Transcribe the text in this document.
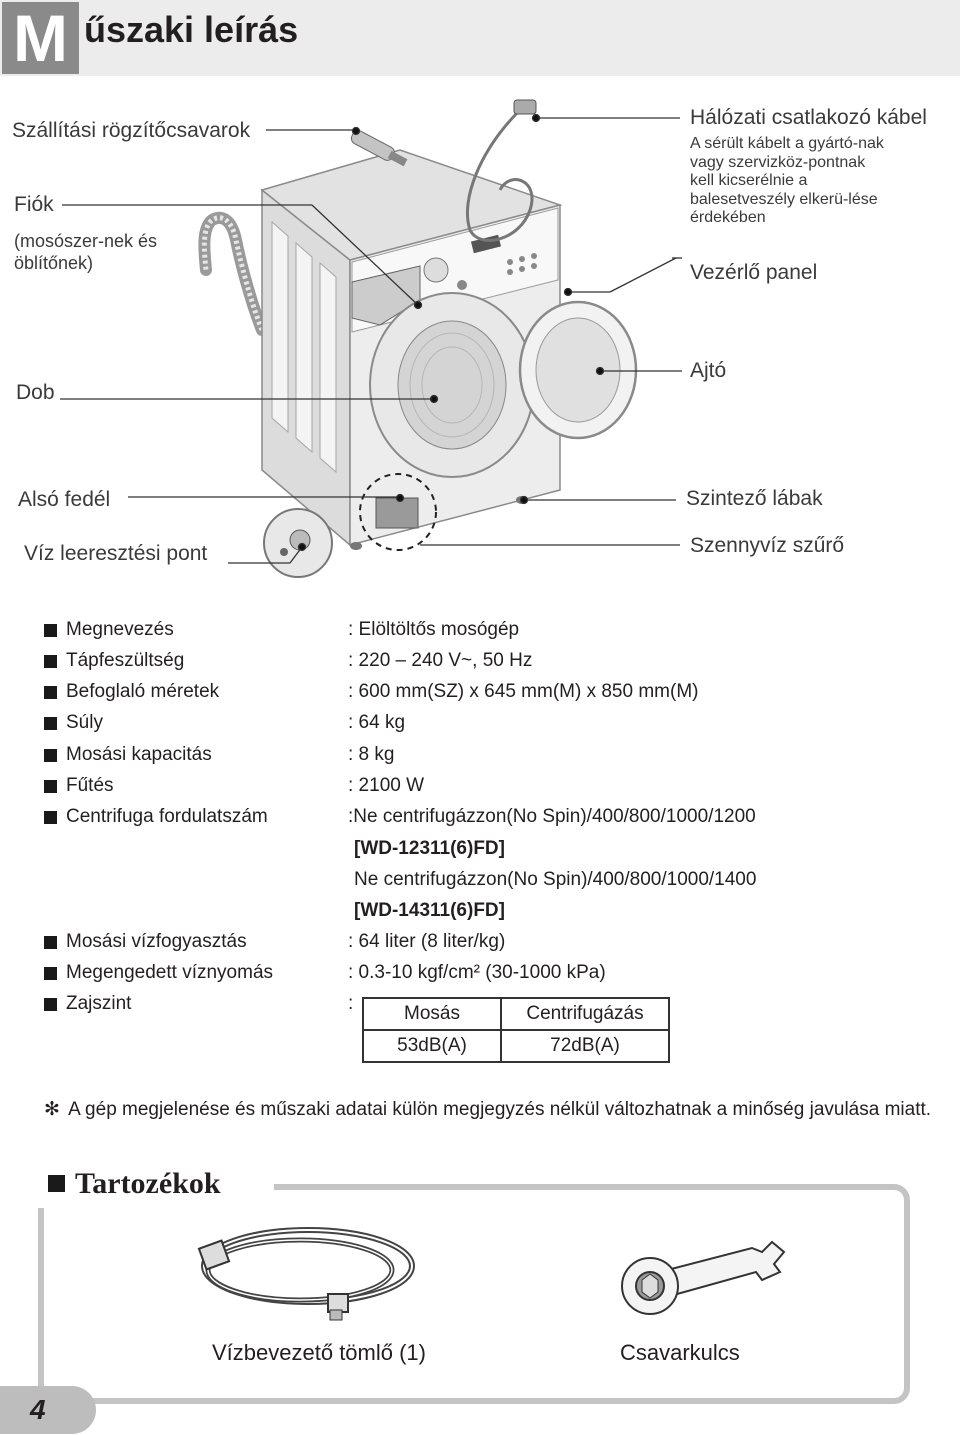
M űszaki leírás
Szállítási rögzítőcsavarok
Fiók
(mosószer-nek és öblítőnek)
Hálózati csatlakozó kábel
A sérült kábelt a gyártó-nak vagy szervizköz-pontnak kell kicserélnie a balesetveszély elkerü-lése érdekében
Vezérlő panel
Dob
Ajtó
Alsó fedél	Szintező lábak
Víz leeresztési pont	Szennyvíz szűrő
Megnevezés	: Elöltöltős mosógép
Tápfeszültség	: 220 – 240 V~, 50 Hz
Befoglaló méretek	: 600 mm(SZ) x 645 mm(M) x 850 mm(M)
Súly	: 64 kg
Mosási kapacitás	: 8 kg
Fűtés	: 2100 W
Centrifuga fordulatszám	:Ne centrifugázzon(No Spin)/400/800/1000/1200
[WD-12311(6)FD]
Ne centrifugázzon(No Spin)/400/800/1000/1400
[WD-14311(6)FD]
Mosási vízfogyasztás	: 64 liter (8 liter/kg)
Megengedett víznyomás	: 0.3-10 kgf/cm² (30-1000 kPa)
Zajszint	:	Mosás	Centrifugázás
53dB(A)	72dB(A)
✻ A gép megjelenése és műszaki adatai külön megjegyzés nélkül változhatnak a minőség javulása miatt.
Tartozékok
Vízbevezető tömlő (1)	Csavarkulcs
4
